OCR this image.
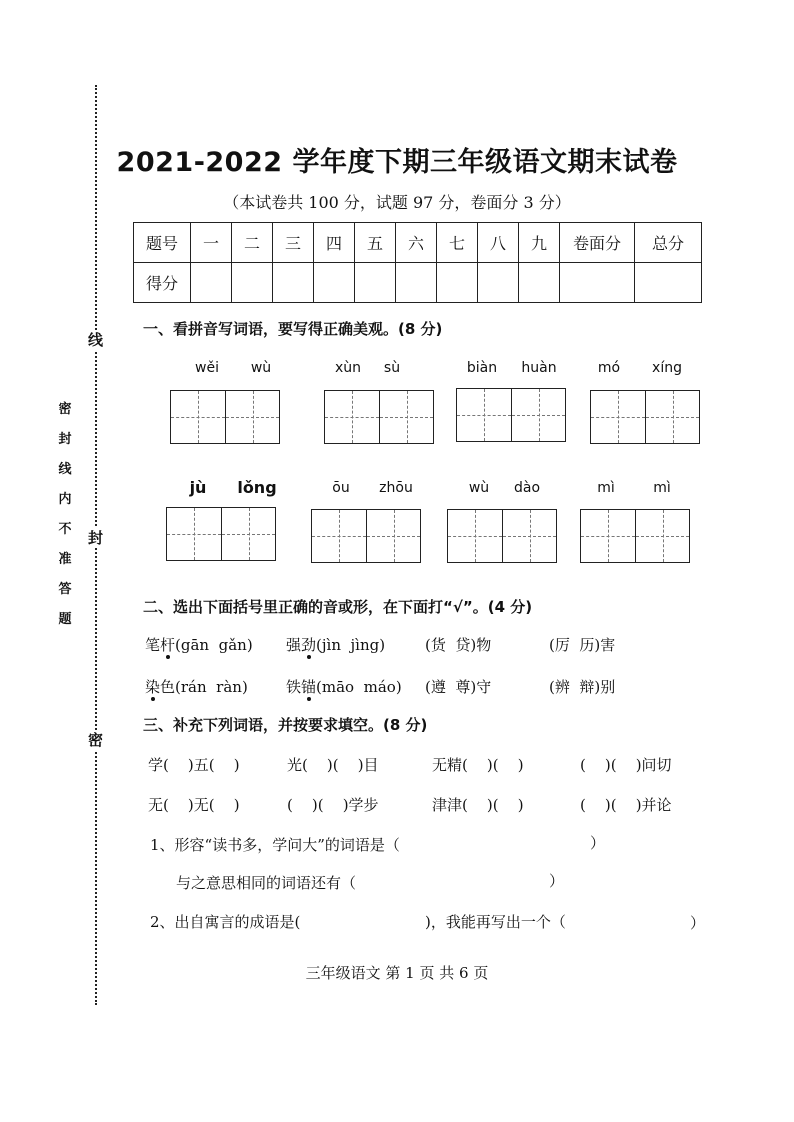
线
封
密
密封线内不准答题
2021-2022 学年度下期三年级语文期末试卷
（本试卷共 100 分，试题 97 分，卷面分 3 分）
题号	一	二	三	四	五	六	七	八	九	卷面分	总分
得分											
一、看拼音写词语，要写得正确美观。(8 分)
wěi	wù	xùn	sù	biàn	huàn	mó	xíng
jù	lǒng	ōu	zhōu	wù	dào	mì	mì
二、选出下面括号里正确的音或形，在下面打“√”。(4 分)
笔杆(gān  gǎn) 强劲(jìn  jìng)	(货  贷)物	(厉  历)害
染色(rán  ràn)	铁锚(māo  máo) (遵  尊)守	(辨  辩)别
三、补充下列词语，并按要求填空。(8 分)
学(    )五(    )	光(    )(    )目	无精(    )(    )	(    )(    )问切
无(    )无(    )	(    )(    )学步	津津(    )(    )	(    )(    )并论
1、形容“读书多，学问大”的词语是（	）
与之意思相同的词语还有（	）
2、出自寓言的成语是(	)，我能再写出一个（	）
三年级语文 第 1 页 共 6 页
